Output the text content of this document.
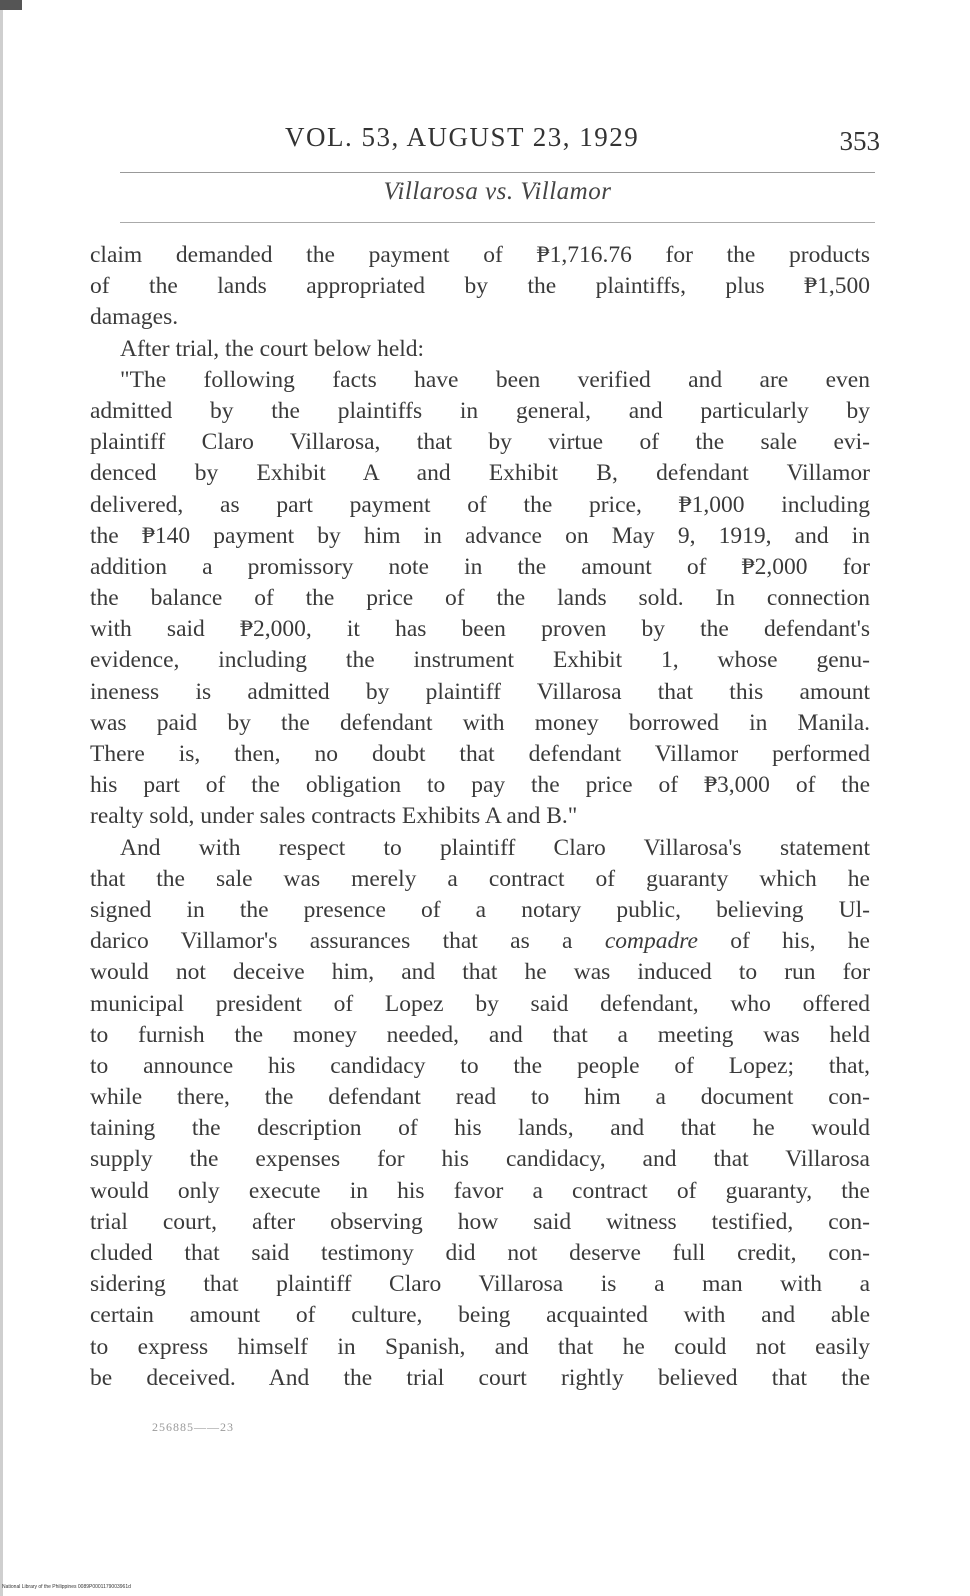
VOL. 53, AUGUST 23, 1929	353
Villarosa vs. Villamor
claim demanded the payment of ₱1,716.76 for the products
of the lands appropriated by the plaintiffs, plus ₱1,500
damages.
After trial, the court below held:
"The following facts have been verified and are even
admitted by the plaintiffs in general, and particularly by
plaintiff Claro Villarosa, that by virtue of the sale evi-
denced by Exhibit A and Exhibit B, defendant Villamor
delivered, as part payment of the price, ₱1,000 including
the ₱140 payment by him in advance on May 9, 1919, and in
addition a promissory note in the amount of ₱2,000 for
the balance of the price of the lands sold. In connection
with said ₱2,000, it has been proven by the defendant's
evidence, including the instrument Exhibit 1, whose genu-
ineness is admitted by plaintiff Villarosa that this amount
was paid by the defendant with money borrowed in Manila.
There is, then, no doubt that defendant Villamor performed
his part of the obligation to pay the price of ₱3,000 of the
realty sold, under sales contracts Exhibits A and B."
And with respect to plaintiff Claro Villarosa's statement
that the sale was merely a contract of guaranty which he
signed in the presence of a notary public, believing Ul-
darico Villamor's assurances that as a compadre of his, he
would not deceive him, and that he was induced to run for
municipal president of Lopez by said defendant, who offered
to furnish the money needed, and that a meeting was held
to announce his candidacy to the people of Lopez; that,
while there, the defendant read to him a document con-
taining the description of his lands, and that he would
supply the expenses for his candidacy, and that Villarosa
would only execute in his favor a contract of guaranty, the
trial court, after observing how said witness testified, con-
cluded that said testimony did not deserve full credit, con-
sidering that plaintiff Claro Villarosa is a man with a
certain amount of culture, being acquainted with and able
to express himself in Spanish, and that he could not easily
be deceived. And the trial court rightly believed that the
256885——23
National Library of the Philippines 0089P0001179003961d
